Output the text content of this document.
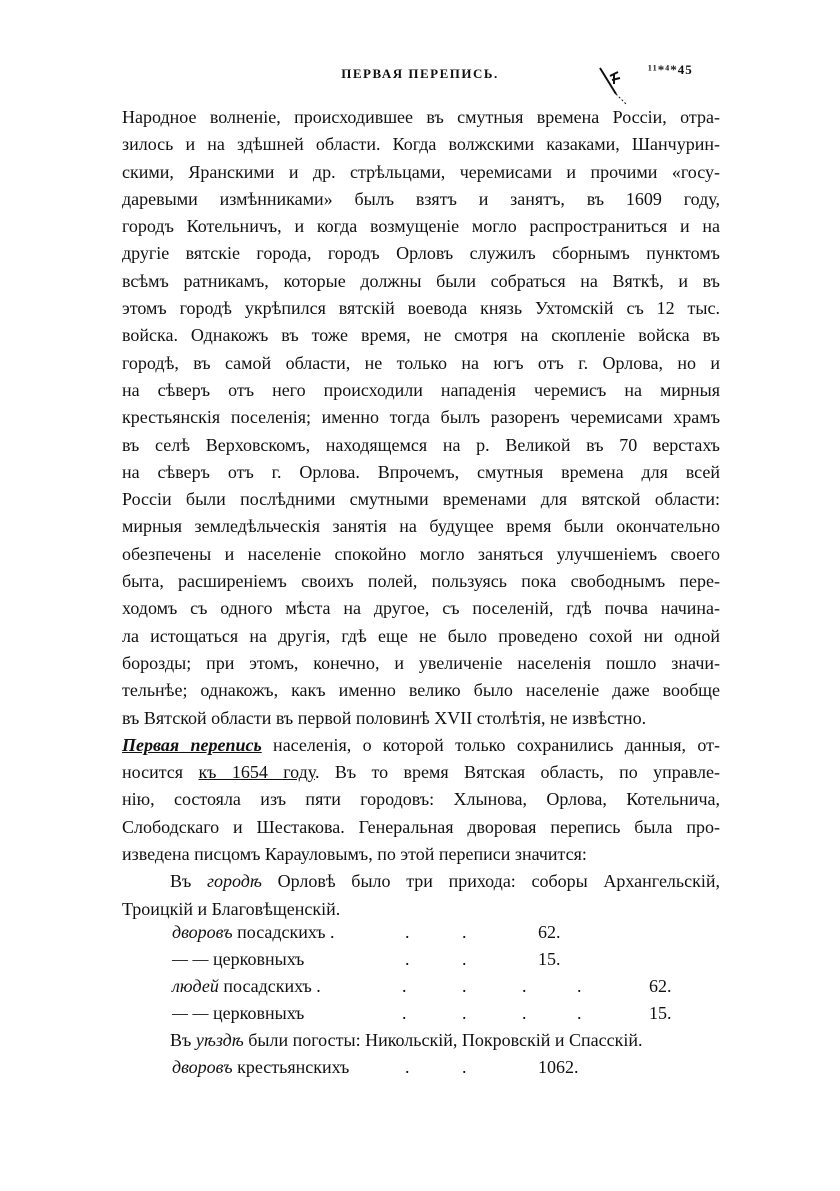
ПЕРВАЯ ПЕРЕПИСЬ.	¹¹*⁴*45
Народное волненіе, происходившее въ смутныя времена Россіи, отра-
зилось и на здѣшней области. Когда волжскими казаками, Шанчурин-
скими, Яранскими и др. стрѣльцами, черемисами и прочими «госу-
даревыми измѣнниками» былъ взятъ и занятъ, въ 1609 году,
городъ Котельничъ, и когда возмущеніе могло распространиться и на
другіе вятскіе города, городъ Орловъ служилъ сборнымъ пунктомъ
всѣмъ ратникамъ, которые должны были собраться на Вяткѣ, и въ
этомъ городѣ укрѣпился вятскій воевода князь Ухтомскій съ 12 тыс.
войска. Однакожъ въ тоже время, не смотря на скопленіе войска въ
городѣ, въ самой области, не только на югъ отъ г. Орлова, но и
на сѣверъ отъ него происходили нападенія черемисъ на мирныя
крестьянскія поселенія; именно тогда былъ разоренъ черемисами храмъ
въ селѣ Верховскомъ, находящемся на р. Великой въ 70 верстахъ
на сѣверъ отъ г. Орлова. Впрочемъ, смутныя времена для всей
Россіи были послѣдними смутными временами для вятской области:
мирныя земледѣльческія занятія на будущее время были окончательно
обезпечены и населеніе спокойно могло заняться улучшеніемъ своего
быта, расширеніемъ своихъ полей, пользуясь пока свободнымъ пере-
ходомъ съ одного мѣста на другое, съ поселеній, гдѣ почва начина-
ла истощаться на другія, гдѣ еще не было проведено сохой ни одной
борозды; при этомъ, конечно, и увеличеніе населенія пошло значи-
тельнѣе; однакожъ, какъ именно велико было населеніе даже вообще
въ Вятской области въ первой половинѣ XVII столѣтія, не извѣстно.
Первая перепись населенія, о которой только сохранились данныя, от-
носится къ 1654 году. Въ то время Вятская область, по управле-
нію, состояла изъ пяти городовъ: Хлынова, Орлова, Котельнича,
Слободскаго и Шестакова. Генеральная дворовая перепись была про-
изведена писцомъ Карауловымъ, по этой переписи значится:
Въ городѣ Орловѣ было три прихода: соборы Архангельскій,
Троицкій и Благовѣщенскій.
дворовъ посадскихъ .	.	.	62.
— — церковныхъ	.	.	15.
людей посадскихъ .	.	.	.	.	62.
— — церковныхъ	.	.	.	.	15.
Въ уѣздѣ были погосты: Никольскій, Покровскій и Спасскій.
дворовъ крестьянскихъ	.	.	1062.
